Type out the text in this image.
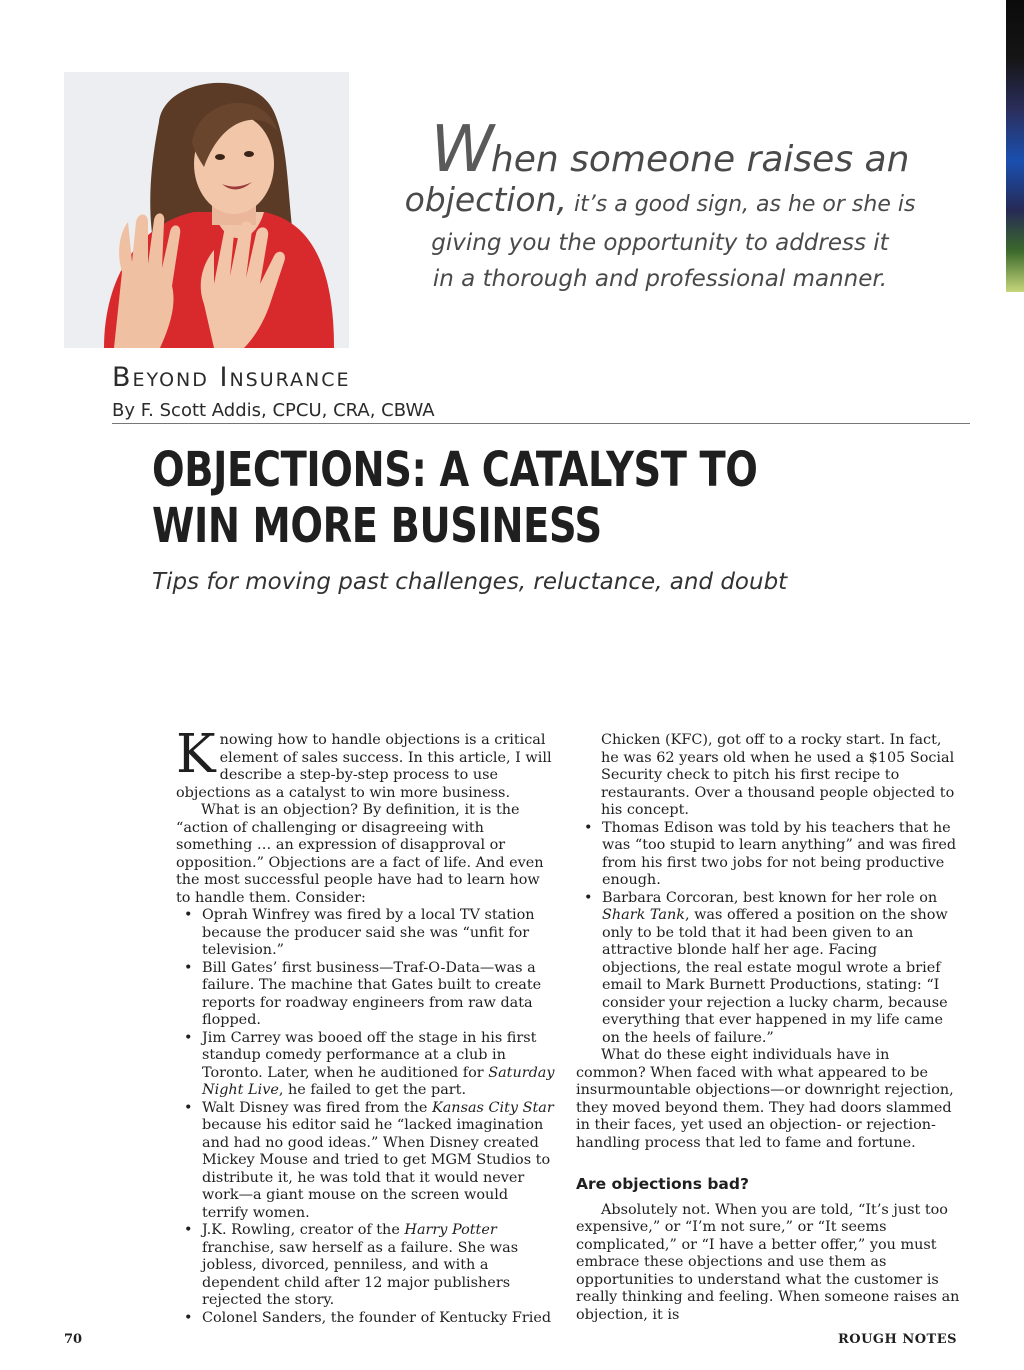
When someone raises an
objection, it’s a good sign, as he or she is
giving you the opportunity to address it
in a thorough and professional manner.
Beyond Insurance
By F. Scott Addis, CPCU, CRA, CBWA
OBJECTIONS: A CATALYST TO
WIN MORE BUSINESS
Tips for moving past challenges, reluctance, and doubt

Knowing how to handle objections is a critical element of sales success. In this article, I will describe a step-by-step process to use objections as a catalyst to win more business.

What is an objection? By definition, it is the “action of challenging or disagreeing with something … an expression of disapproval or opposition.” Objections are a fact of life. And even the most successful people have had to learn how to handle them. Consider:

• Oprah Winfrey was fired by a local TV station because the producer said she was “unfit for television.”
• Bill Gates’ first business—Traf-O-Data—was a failure. The machine that Gates built to create reports for roadway engineers from raw data flopped.
• Jim Carrey was booed off the stage in his first standup comedy performance at a club in Toronto. Later, when he auditioned for Saturday Night Live, he failed to get the part.
• Walt Disney was fired from the Kansas City Star because his editor said he “lacked imagination and had no good ideas.” When Disney created Mickey Mouse and tried to get MGM Studios to distribute it, he was told that it would never work—a giant mouse on the screen would terrify women.
• J.K. Rowling, creator of the Harry Potter franchise, saw herself as a failure. She was jobless, divorced, penniless, and with a dependent child after 12 major publishers rejected the story.
• Colonel Sanders, the founder of Kentucky Fried

Chicken (KFC), got off to a rocky start. In fact, he was 62 years old when he used a $105 Social Security check to pitch his first recipe to restaurants. Over a thousand people objected to his concept.

• Thomas Edison was told by his teachers that he was “too stupid to learn anything” and was fired from his first two jobs for not being productive enough.
• Barbara Corcoran, best known for her role on Shark Tank, was offered a position on the show only to be told that it had been given to an attractive blonde half her age. Facing objections, the real estate mogul wrote a brief email to Mark Burnett Productions, stating: “I consider your rejection a lucky charm, because everything that ever happened in my life came on the heels of failure.”

What do these eight individuals have in common? When faced with what appeared to be insurmountable objections—or downright rejection, they moved beyond them. They had doors slammed in their faces, yet used an objection- or rejection-handling process that led to fame and fortune.

Are objections bad?

Absolutely not. When you are told, “It’s just too expensive,” or “I’m not sure,” or “It seems complicated,” or “I have a better offer,” you must embrace these objections and use them as opportunities to understand what the customer is really thinking and feeling. When someone raises an objection, it is

70	ROUGH NOTES
